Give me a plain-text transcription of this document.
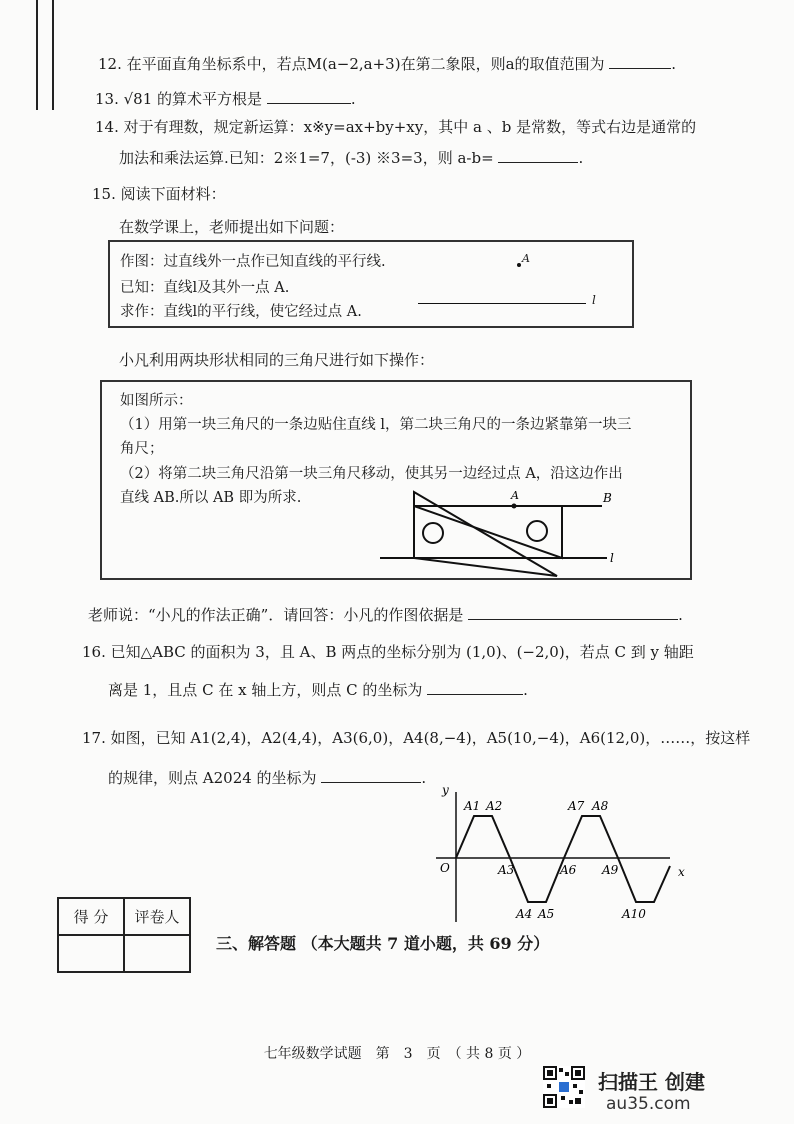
12. 在平面直角坐标系中，若点M(a−2,a+3)在第二象限，则a的取值范围为	.
13. √81 的算术平方根是	.
14. 对于有理数，规定新运算：x※y=ax+by+xy，其中 a 、b 是常数，等式右边是通常的
加法和乘法运算.已知：2※1=7，(-3) ※3=3，则 a-b=	.
15. 阅读下面材料：
在数学课上，老师提出如下问题：
作图：过直线外一点作已知直线的平行线.
已知：直线l及其外一点 A.
求作：直线l的平行线，使它经过点 A.
A
l
小凡利用两块形状相同的三角尺进行如下操作：
如图所示：
（1）用第一块三角尺的一条边贴住直线 l，第二块三角尺的一条边紧靠第一块三
角尺；
（2）将第二块三角尺沿第一块三角尺移动，使其另一边经过点 A，沿这边作出
直线 AB.所以 AB 即为所求.	A	B
l
老师说：“小凡的作法正确”．请回答：小凡的作图依据是	.
16. 已知△ABC 的面积为 3，且 A、B 两点的坐标分别为 (1,0)、(−2,0)，若点 C 到 y 轴距
离是 1，且点 C 在 x 轴上方，则点 C 的坐标为	.
17. 如图，已知 A1(2,4)，A2(4,4)，A3(6,0)，A4(8,−4)，A5(10,−4)，A6(12,0)，……，按这样
的规律，则点 A2024 的坐标为	.
y
x
O
A1 A2
A3
A4 A5
A6
A7 A8
A9
A10
得 分	评卷人

三、解答题 （本大题共 7 道小题，共 69 分）
七年级数学试题　第　3　页　（ 共 8 页 ）
扫描王 创建
au35.com
